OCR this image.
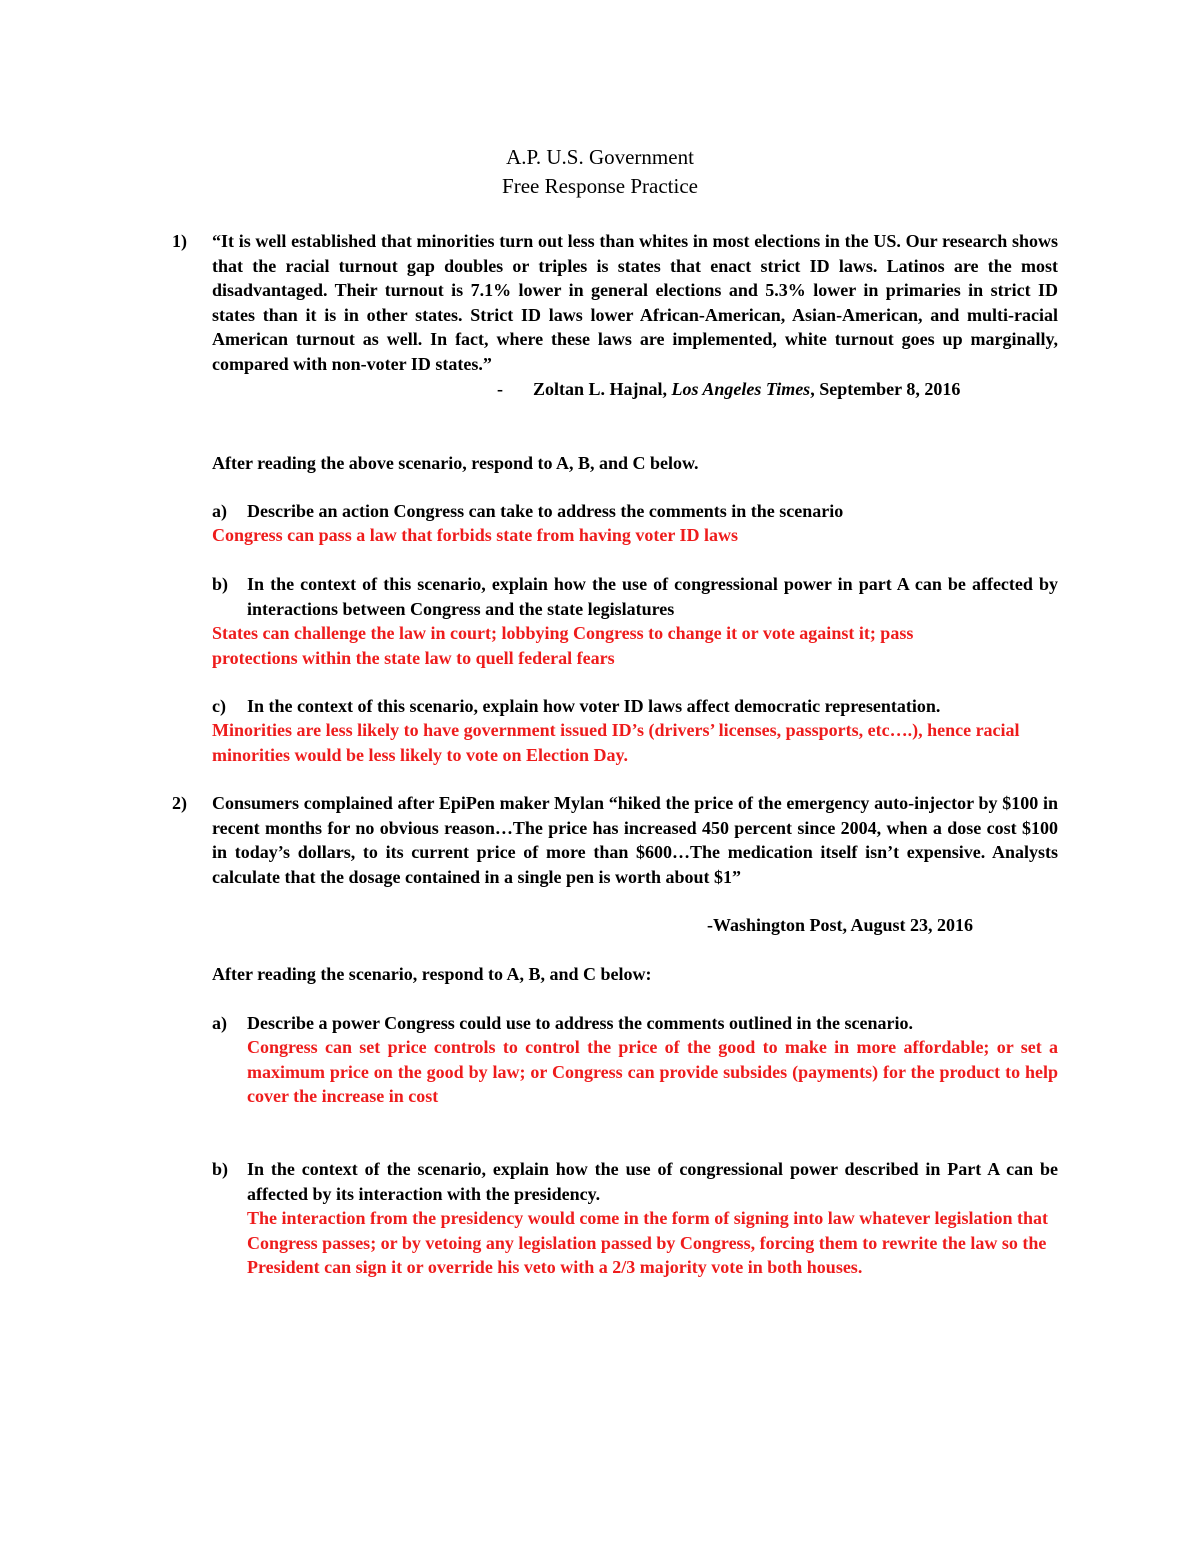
A.P. U.S. Government
Free Response Practice
1) “It is well established that minorities turn out less than whites in most elections in the US. Our research shows that the racial turnout gap doubles or triples is states that enact strict ID laws. Latinos are the most disadvantaged. Their turnout is 7.1% lower in general elections and 5.3% lower in primaries in strict ID states than it is in other states. Strict ID laws lower African-American, Asian-American, and multi-racial American turnout as well. In fact, where these laws are implemented, white turnout goes up marginally, compared with non-voter ID states.”
- Zoltan L. Hajnal, Los Angeles Times, September 8, 2016
After reading the above scenario, respond to A, B, and C below.
a) Describe an action Congress can take to address the comments in the scenario
Congress can pass a law that forbids state from having voter ID laws
b) In the context of this scenario, explain how the use of congressional power in part A can be affected by interactions between Congress and the state legislatures
States can challenge the law in court; lobbying Congress to change it or vote against it; pass protections within the state law to quell federal fears
c) In the context of this scenario, explain how voter ID laws affect democratic representation.
Minorities are less likely to have government issued ID’s (drivers’ licenses, passports, etc….), hence racial minorities would be less likely to vote on Election Day.
2) Consumers complained after EpiPen maker Mylan “hiked the price of the emergency auto-injector by $100 in recent months for no obvious reason…The price has increased 450 percent since 2004, when a dose cost $100 in today’s dollars, to its current price of more than $600…The medication itself isn’t expensive. Analysts calculate that the dosage contained in a single pen is worth about $1”
-Washington Post, August 23, 2016
After reading the scenario, respond to A, B, and C below:
a) Describe a power Congress could use to address the comments outlined in the scenario.
Congress can set price controls to control the price of the good to make in more affordable; or set a maximum price on the good by law; or Congress can provide subsides (payments) for the product to help cover the increase in cost
b) In the context of the scenario, explain how the use of congressional power described in Part A can be affected by its interaction with the presidency.
The interaction from the presidency would come in the form of signing into law whatever legislation that Congress passes; or by vetoing any legislation passed by Congress, forcing them to rewrite the law so the President can sign it or override his veto with a 2/3 majority vote in both houses.
